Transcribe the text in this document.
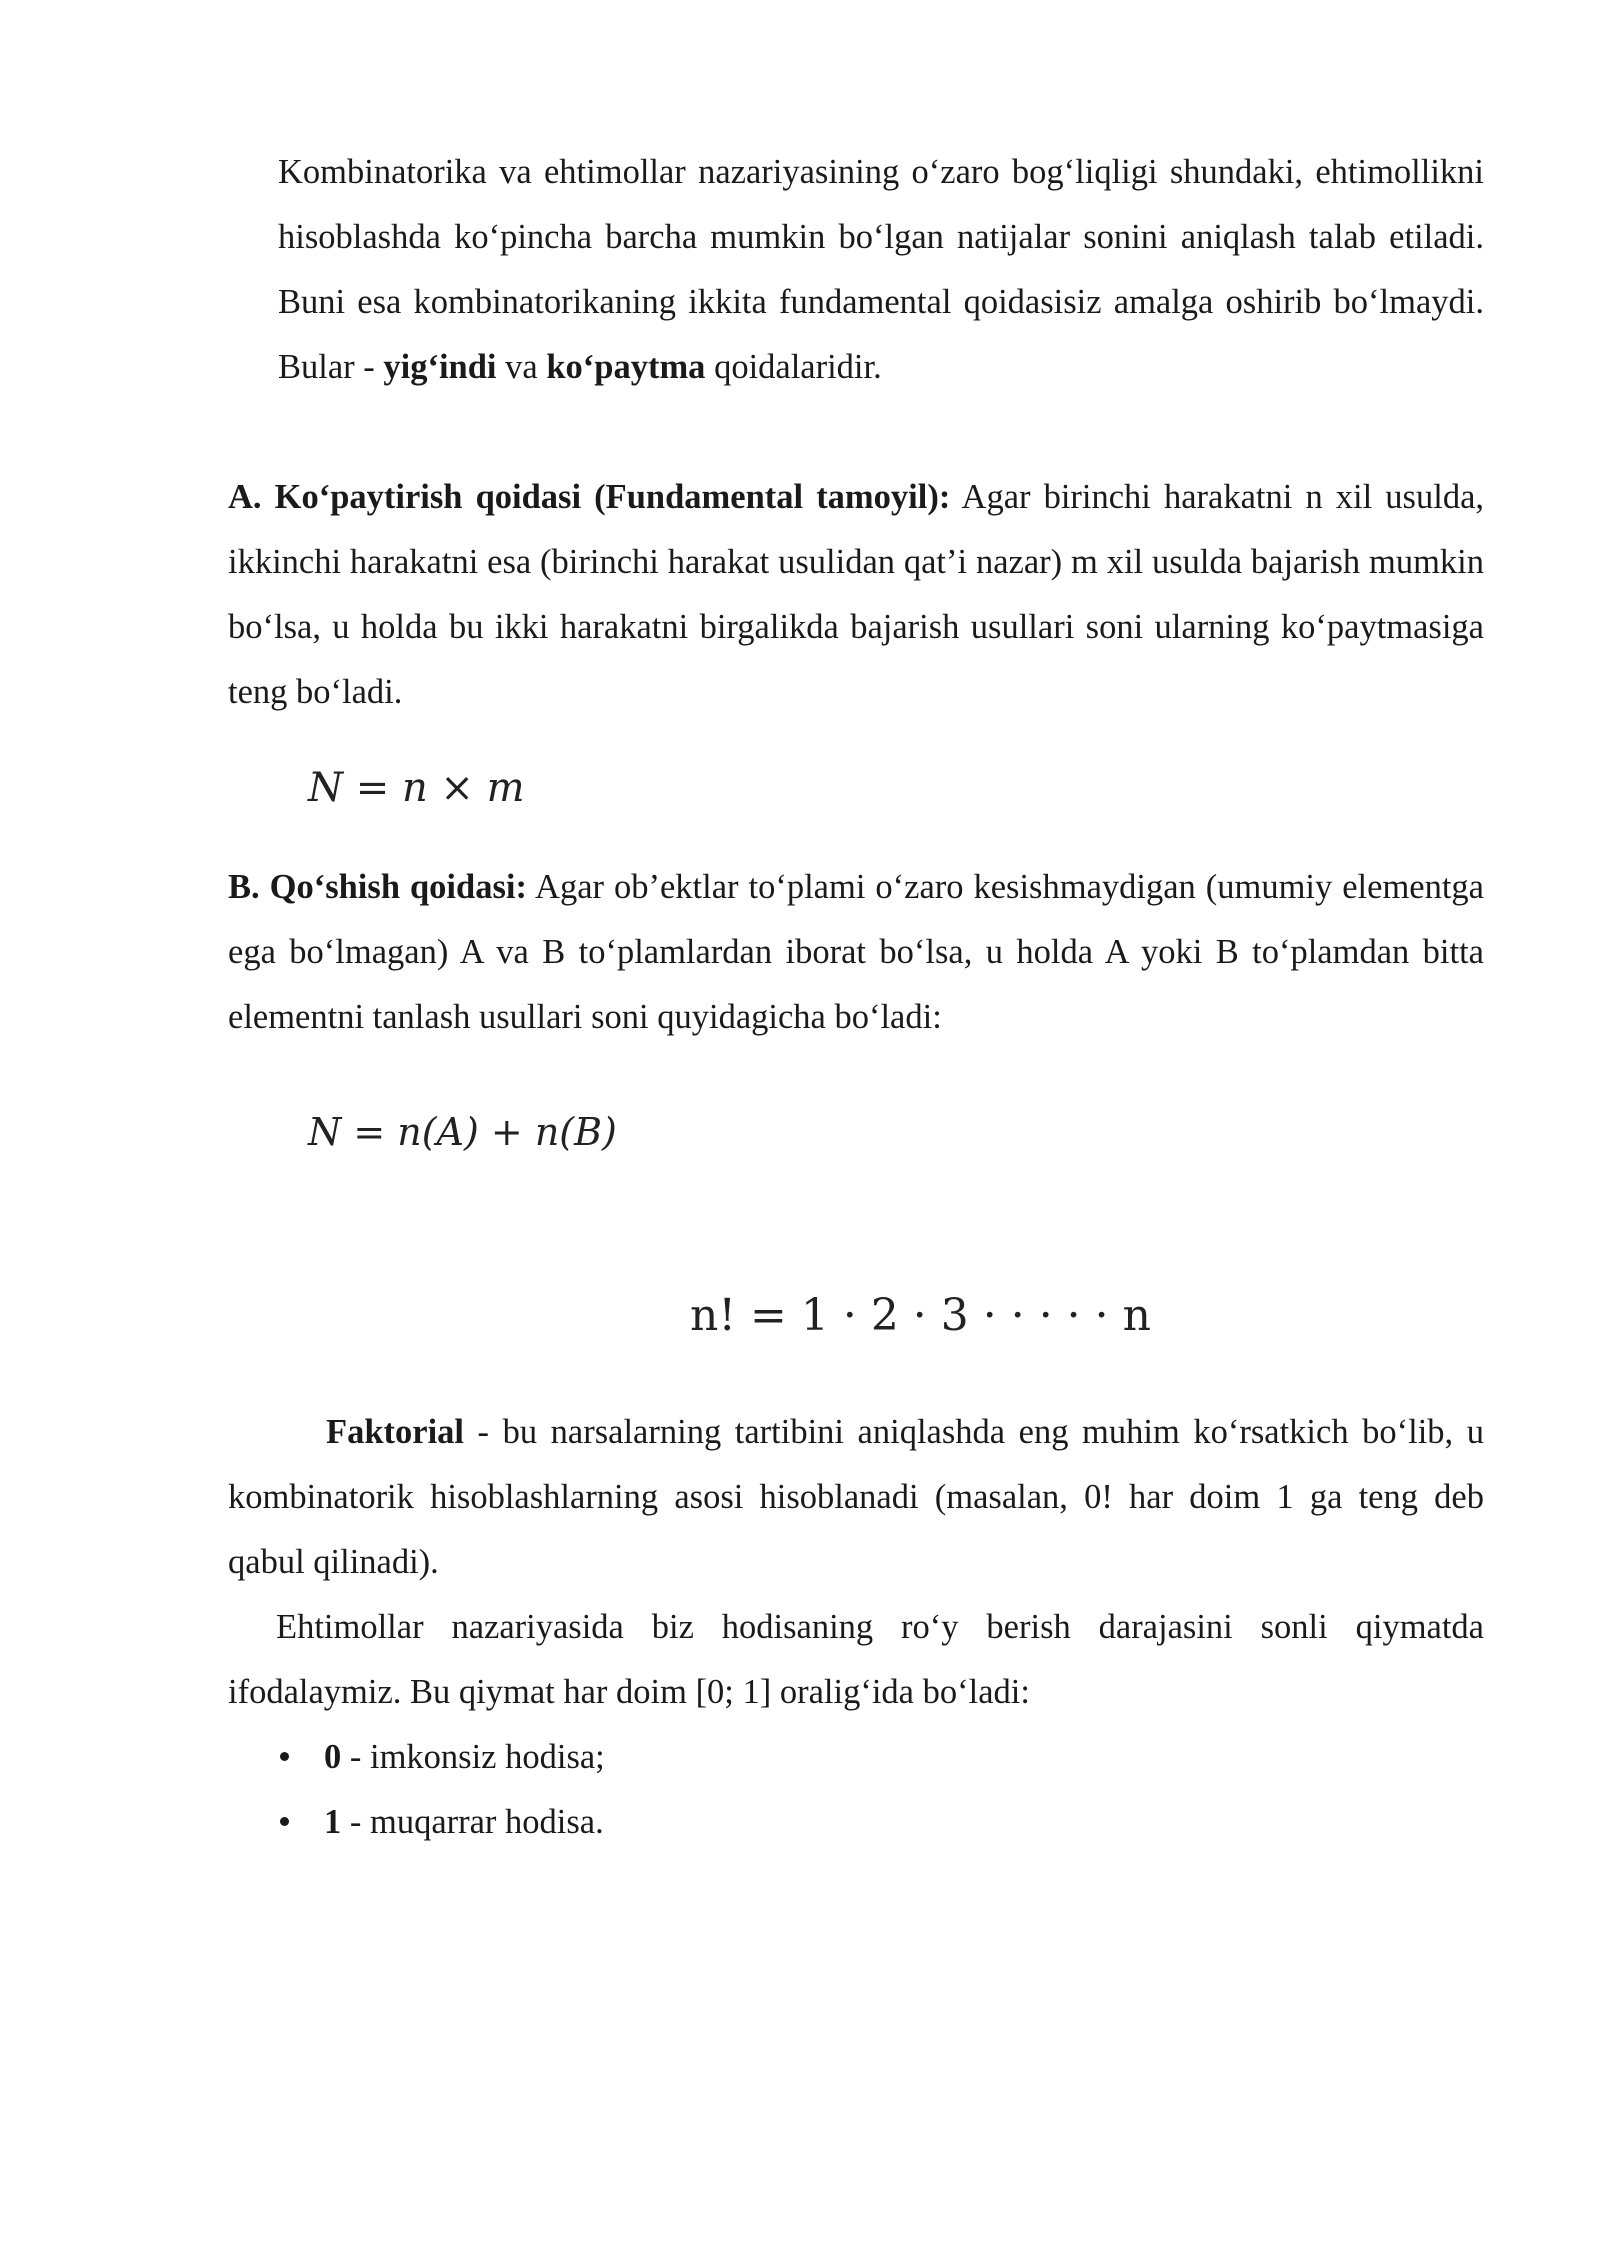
Kombinatorika va ehtimollar nazariyasining o‘zaro bog‘liqligi shundaki, ehtimollikni hisoblashda ko‘pincha barcha mumkin bo‘lgan natijalar sonini aniqlash talab etiladi. Buni esa kombinatorikaning ikkita fundamental qoidasisiz amalga oshirib bo‘lmaydi. Bular - yig‘indi va ko‘paytma qoidalaridir.

A. Ko‘paytirish qoidasi (Fundamental tamoyil): Agar birinchi harakatni n xil usulda, ikkinchi harakatni esa (birinchi harakat usulidan qat’i nazar) m xil usulda bajarish mumkin bo‘lsa, u holda bu ikki harakatni birgalikda bajarish usullari soni ularning ko‘paytmasiga teng bo‘ladi.

N = n × m

B. Qo‘shish qoidasi: Agar ob’ektlar to‘plami o‘zaro kesishmaydigan (umumiy elementga ega bo‘lmagan) A va B to‘plamlardan iborat bo‘lsa, u holda A yoki B to‘plamdan bitta elementni tanlash usullari soni quyidagicha bo‘ladi:

N = n(A) + n(B)
n! = 1 · 2 · 3 · · · · · n

Faktorial - bu narsalarning tartibini aniqlashda eng muhim ko‘rsatkich bo‘lib, u kombinatorik hisoblashlarning asosi hisoblanadi (masalan, 0! har doim 1 ga teng deb qabul qilinadi).

Ehtimollar nazariyasida biz hodisaning ro‘y berish darajasini sonli qiymatda ifodalaymiz. Bu qiymat har doim [0; 1] oralig‘ida bo‘ladi:

0 - imkonsiz hodisa;
1 - muqarrar hodisa.
